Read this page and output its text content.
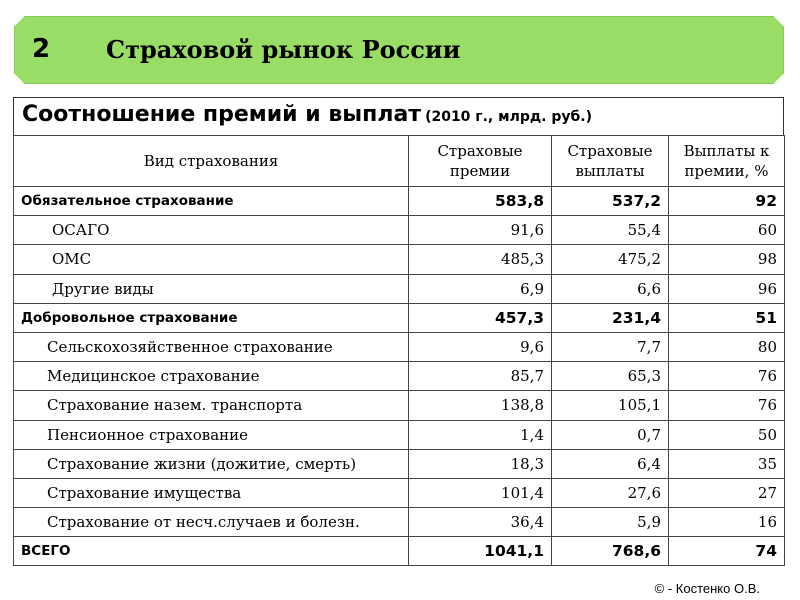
2 Страховой рынок России
Соотношение премий и выплат (2010 г., млрд. руб.)
Вид страхования	Страховые премии	Страховые выплаты	Выплаты к премии, %
Обязательное страхование	583,8	537,2	92
ОСАГО	91,6	55,4	60
ОМС	485,3	475,2	98
Другие виды	6,9	6,6	96
Добровольное страхование	457,3	231,4	51
Сельскохозяйственное страхование	9,6	7,7	80
Медицинское страхование	85,7	65,3	76
Страхование назем. транспорта	138,8	105,1	76
Пенсионное страхование	1,4	0,7	50
Страхование жизни (дожитие, смерть)	18,3	6,4	35
Страхование имущества	101,4	27,6	27
Страхование от несч.случаев и болезн.	36,4	5,9	16
ВСЕГО	1041,1	768,6	74
© - Костенко О.В.
